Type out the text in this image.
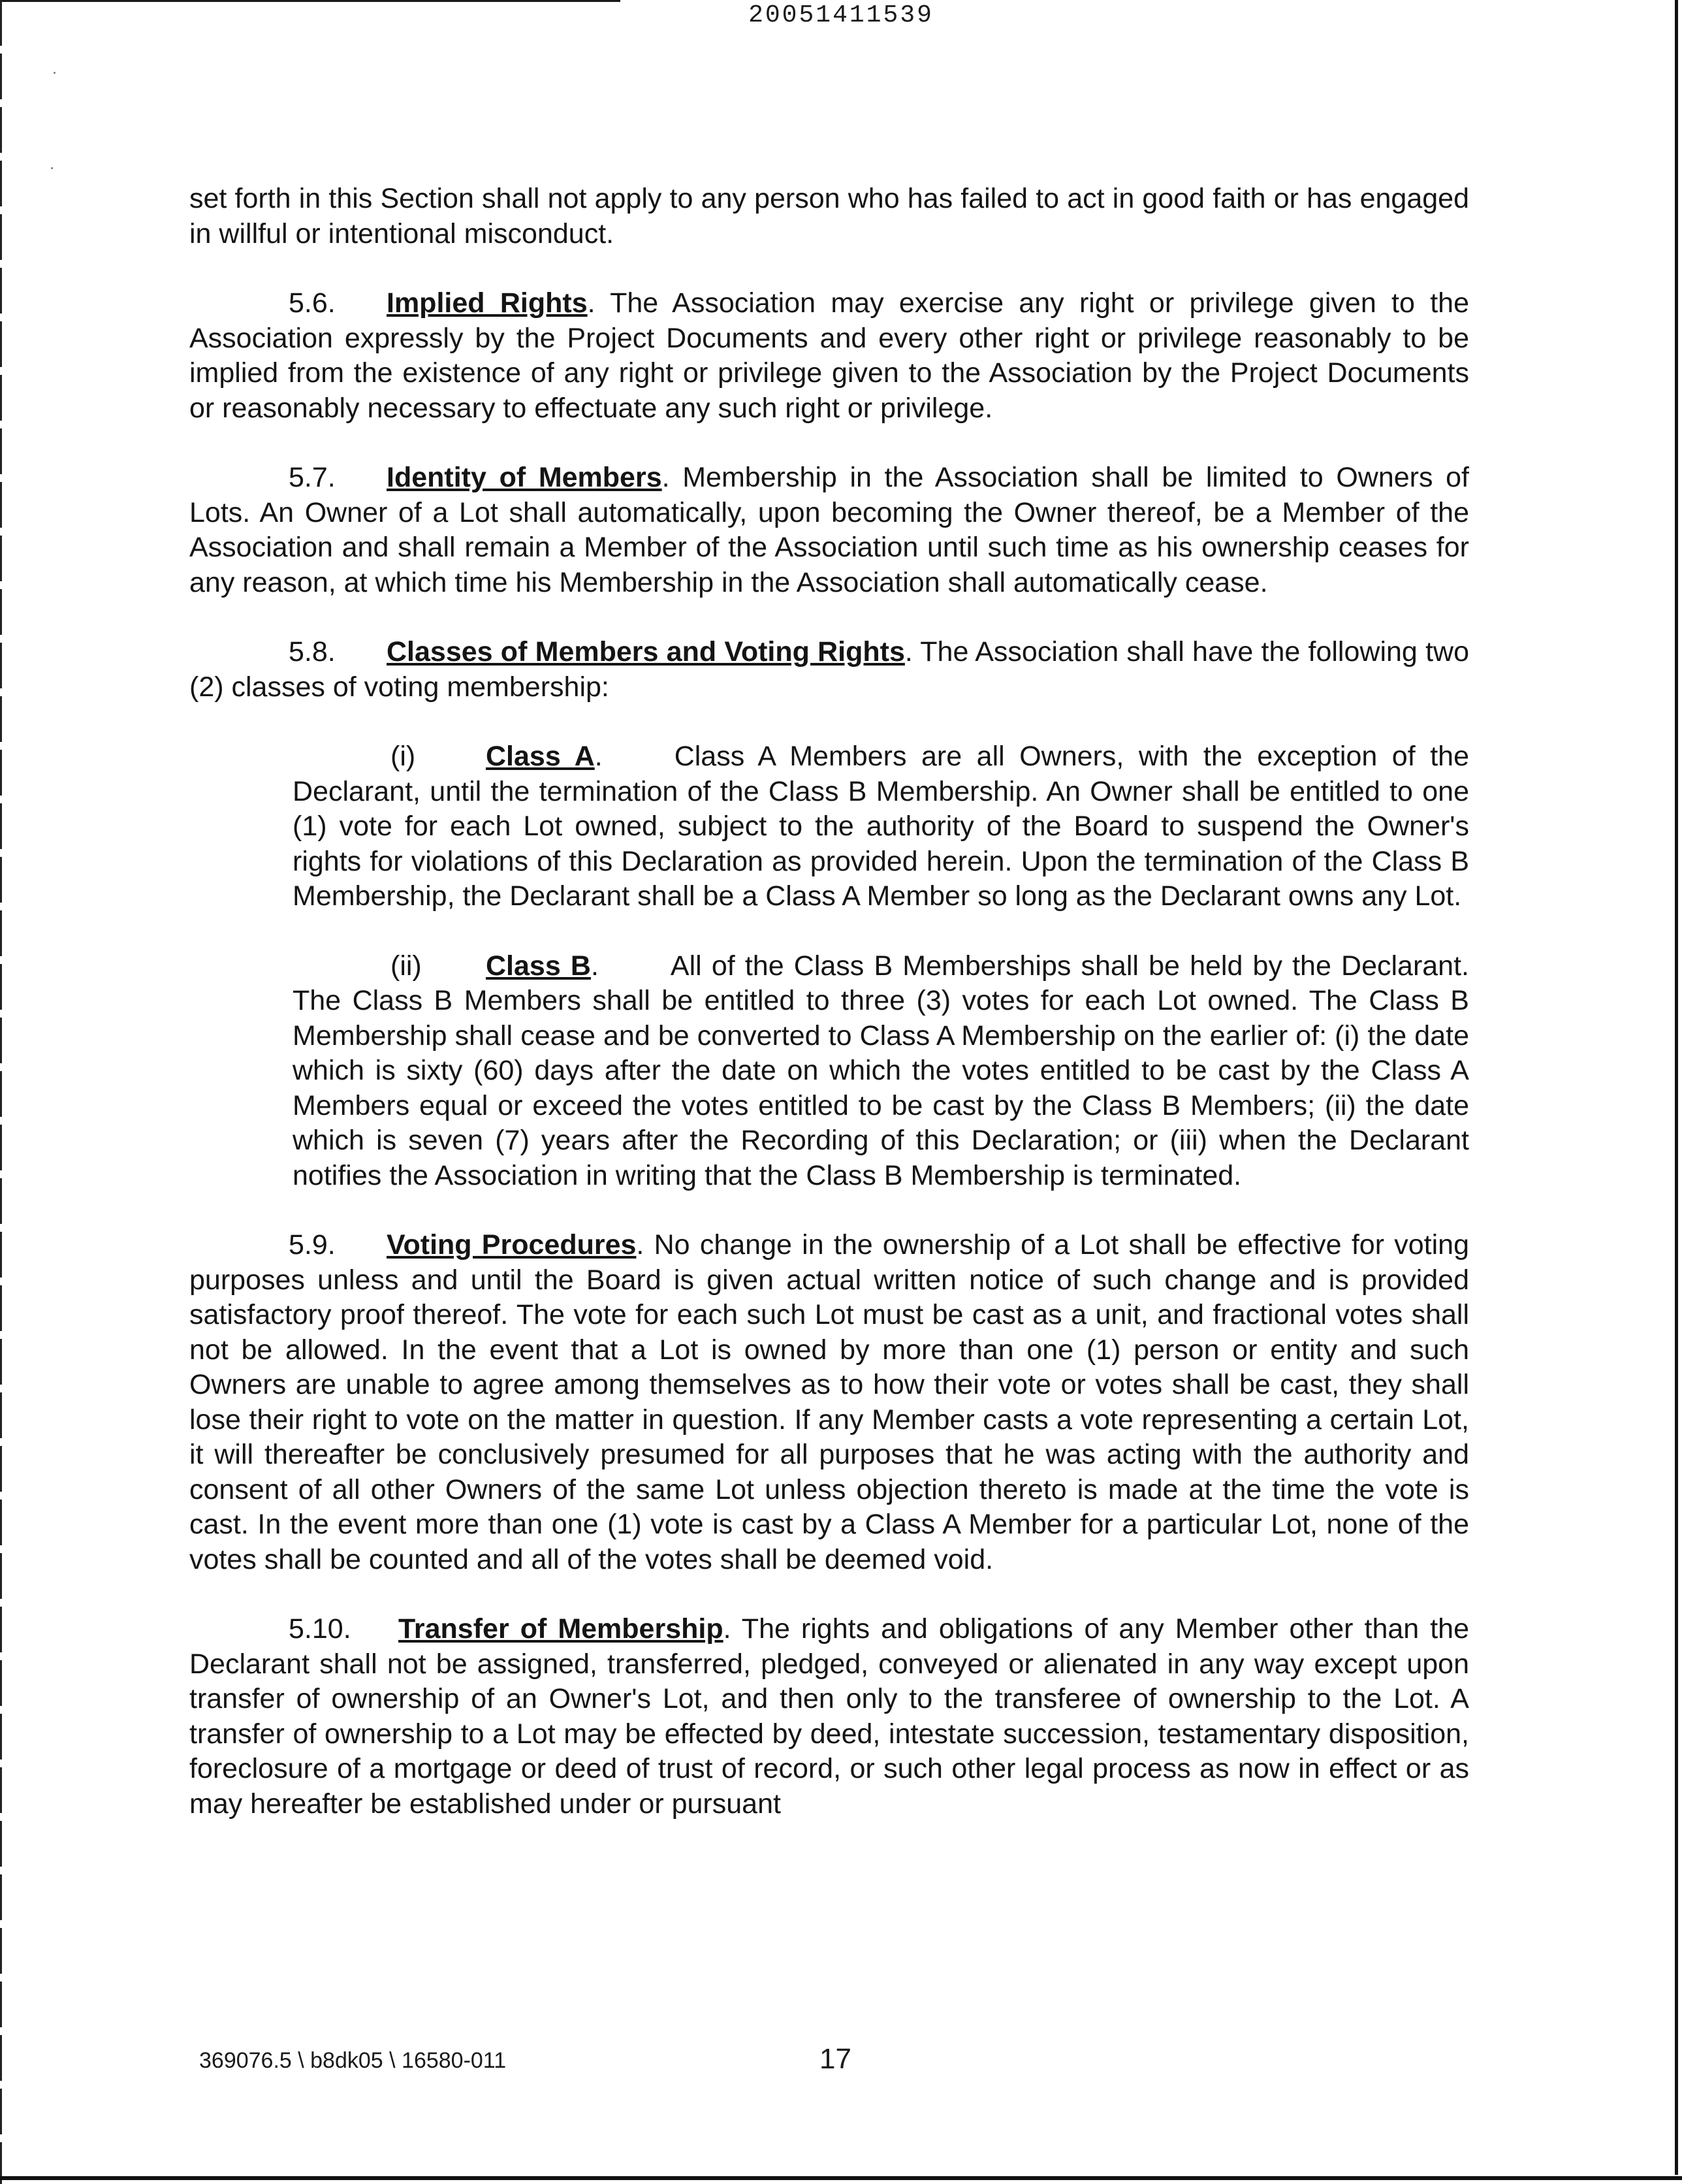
20051411539

set forth in this Section shall not apply to any person who has failed to act in good faith or has engaged in willful or intentional misconduct.

5.6. Implied Rights. The Association may exercise any right or privilege given to the Association expressly by the Project Documents and every other right or privilege reasonably to be implied from the existence of any right or privilege given to the Association by the Project Documents or reasonably necessary to effectuate any such right or privilege.

5.7. Identity of Members. Membership in the Association shall be limited to Owners of Lots. An Owner of a Lot shall automatically, upon becoming the Owner thereof, be a Member of the Association and shall remain a Member of the Association until such time as his ownership ceases for any reason, at which time his Membership in the Association shall automatically cease.

5.8. Classes of Members and Voting Rights. The Association shall have the following two (2) classes of voting membership:

(i)	Class A.	Class A Members are all Owners, with the exception of the Declarant, until the termination of the Class B Membership. An Owner shall be entitled to one (1) vote for each Lot owned, subject to the authority of the Board to suspend the Owner's rights for violations of this Declaration as provided herein. Upon the termination of the Class B Membership, the Declarant shall be a Class A Member so long as the Declarant owns any Lot.

(ii) Class B.	All of the Class B Memberships shall be held by the Declarant. The Class B Members shall be entitled to three (3) votes for each Lot owned. The Class B Membership shall cease and be converted to Class A Membership on the earlier of: (i) the date which is sixty (60) days after the date on which the votes entitled to be cast by the Class A Members equal or exceed the votes entitled to be cast by the Class B Members; (ii) the date which is seven (7) years after the Recording of this Declaration; or (iii) when the Declarant notifies the Association in writing that the Class B Membership is terminated.

5.9. Voting Procedures. No change in the ownership of a Lot shall be effective for voting purposes unless and until the Board is given actual written notice of such change and is provided satisfactory proof thereof. The vote for each such Lot must be cast as a unit, and fractional votes shall not be allowed. In the event that a Lot is owned by more than one (1) person or entity and such Owners are unable to agree among themselves as to how their vote or votes shall be cast, they shall lose their right to vote on the matter in question. If any Member casts a vote representing a certain Lot, it will thereafter be conclusively presumed for all purposes that he was acting with the authority and consent of all other Owners of the same Lot unless objection thereto is made at the time the vote is cast. In the event more than one (1) vote is cast by a Class A Member for a particular Lot, none of the votes shall be counted and all of the votes shall be deemed void.

5.10. Transfer of Membership. The rights and obligations of any Member other than the Declarant shall not be assigned, transferred, pledged, conveyed or alienated in any way except upon transfer of ownership of an Owner's Lot, and then only to the transferee of ownership to the Lot. A transfer of ownership to a Lot may be effected by deed, intestate succession, testamentary disposition, foreclosure of a mortgage or deed of trust of record, or such other legal process as now in effect or as may hereafter be established under or pursuant

369076.5 \ b8dk05 \ 16580-011	17
